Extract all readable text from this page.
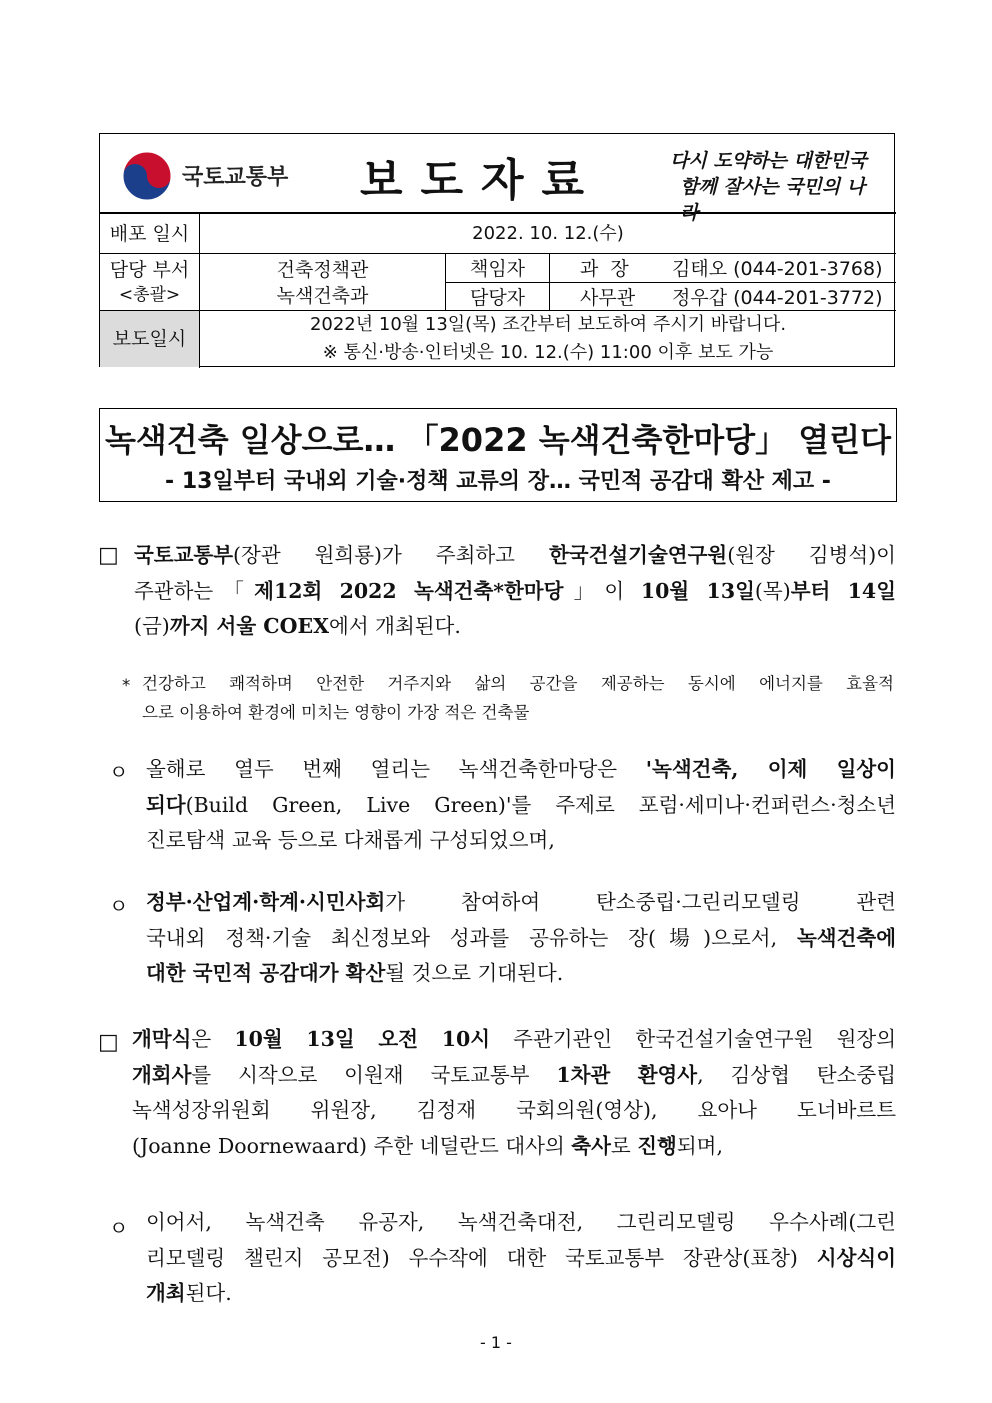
국토교통부 보도자료	다시 도약하는 대한민국
함께 잘사는 국민의 나라
배포 일시	2022. 10. 12.(수)
담당 부서
<총괄>
건축정책관
녹색건축과
책임자
담당자
과  장 김태오 (044-201-3768)
사무관 정우갑 (044-201-3772)
보도일시
2022년 10월 13일(목) 조간부터 보도하여 주시기 바랍니다.
※ 통신·방송·인터넷은 10. 12.(수) 11:00 이후 보도 가능
녹색건축 일상으로… 「2022 녹색건축한마당」 열린다
- 13일부터 국내외 기술·정책 교류의 장… 국민적 공감대 확산 제고 -
□ 국토교통부(장관 원희룡)가 주최하고 한국건설기술연구원(원장 김병석)이
주관하는「제12회 2022 녹색건축*한마당」이 10월 13일(목)부터 14일
(금)까지 서울 COEX에서 개최된다.
* 건강하고 쾌적하며 안전한 거주지와 삶의 공간을 제공하는 동시에 에너지를 효율적
으로 이용하여 환경에 미치는 영향이 가장 적은 건축물
ㅇ 올해로 열두 번째 열리는 녹색건축한마당은 '녹색건축, 이제 일상이
되다(Build Green, Live Green)'를 주제로 포럼·세미나·컨퍼런스·청소년
진로탐색 교육 등으로 다채롭게 구성되었으며,
ㅇ 정부·산업계·학계·시민사회가 참여하여 탄소중립·그린리모델링 관련
국내외 정책·기술 최신정보와 성과를 공유하는 장(場)으로서, 녹색건축에
대한 국민적 공감대가 확산될 것으로 기대된다.
□ 개막식은 10월 13일 오전 10시 주관기관인 한국건설기술연구원 원장의
개회사를 시작으로 이원재 국토교통부 1차관 환영사, 김상협 탄소중립
녹색성장위원회 위원장, 김정재 국회의원(영상), 요아나 도너바르트
(Joanne Doornewaard) 주한 네덜란드 대사의 축사로 진행되며,
ㅇ 이어서, 녹색건축 유공자, 녹색건축대전, 그린리모델링 우수사례(그린
리모델링 챌린지 공모전) 우수작에 대한 국토교통부 장관상(표창) 시상식이
개최된다.
- 1 -
